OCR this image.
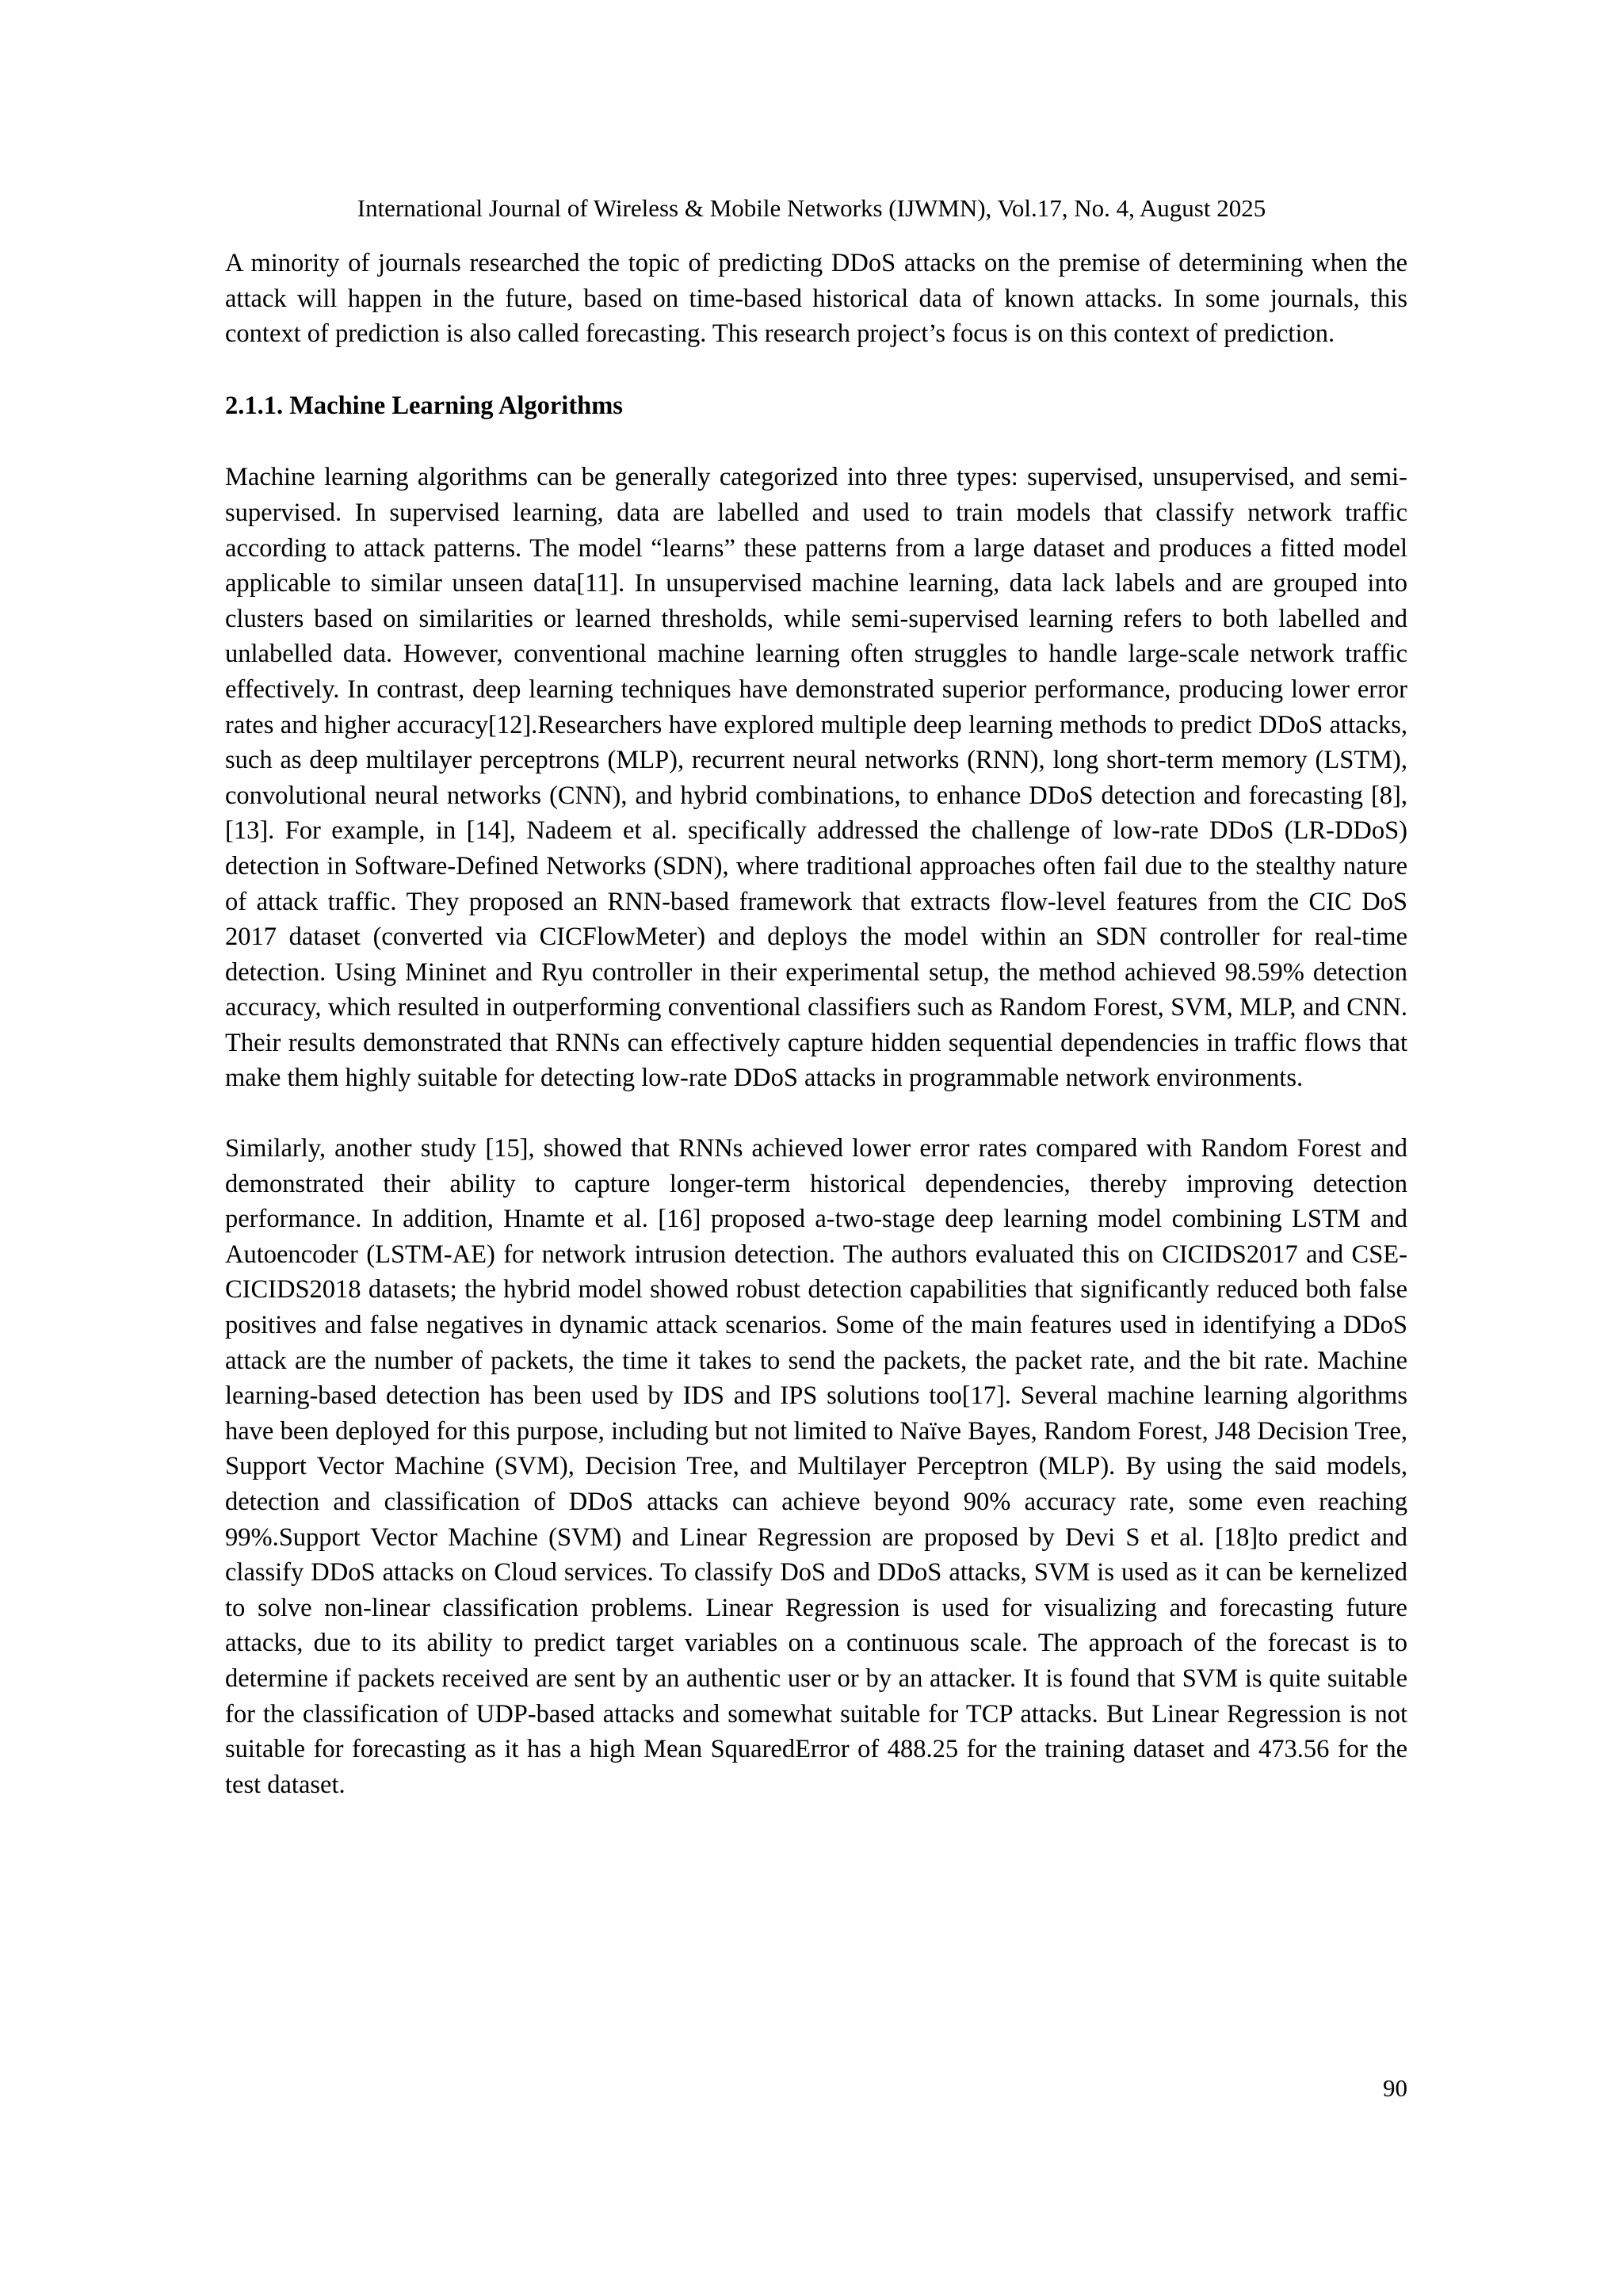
International Journal of Wireless & Mobile Networks (IJWMN), Vol.17, No. 4, August 2025

A minority of journals researched the topic of predicting DDoS attacks on the premise of determining when the attack will happen in the future, based on time-based historical data of known attacks. In some journals, this context of prediction is also called forecasting. This research project’s focus is on this context of prediction.

2.1.1. Machine Learning Algorithms

Machine learning algorithms can be generally categorized into three types: supervised, unsupervised, and semi-supervised. In supervised learning, data are labelled and used to train models that classify network traffic according to attack patterns. The model “learns” these patterns from a large dataset and produces a fitted model applicable to similar unseen data[11]. In unsupervised machine learning, data lack labels and are grouped into clusters based on similarities or learned thresholds, while semi-supervised learning refers to both labelled and unlabelled data. However, conventional machine learning often struggles to handle large-scale network traffic effectively. In contrast, deep learning techniques have demonstrated superior performance, producing lower error rates and higher accuracy[12].Researchers have explored multiple deep learning methods to predict DDoS attacks, such as deep multilayer perceptrons (MLP), recurrent neural networks (RNN), long short-term memory (LSTM), convolutional neural networks (CNN), and hybrid combinations, to enhance DDoS detection and forecasting [8], [13]. For example, in [14], Nadeem et al. specifically addressed the challenge of low-rate DDoS (LR-DDoS) detection in Software-Defined Networks (SDN), where traditional approaches often fail due to the stealthy nature of attack traffic. They proposed an RNN-based framework that extracts flow-level features from the CIC DoS 2017 dataset (converted via CICFlowMeter) and deploys the model within an SDN controller for real-time detection. Using Mininet and Ryu controller in their experimental setup, the method achieved 98.59% detection accuracy, which resulted in outperforming conventional classifiers such as Random Forest, SVM, MLP, and CNN. Their results demonstrated that RNNs can effectively capture hidden sequential dependencies in traffic flows that make them highly suitable for detecting low-rate DDoS attacks in programmable network environments.

Similarly, another study [15], showed that RNNs achieved lower error rates compared with Random Forest and demonstrated their ability to capture longer-term historical dependencies, thereby improving detection performance. In addition, Hnamte et al. [16] proposed a-two-stage deep learning model combining LSTM and Autoencoder (LSTM-AE) for network intrusion detection. The authors evaluated this on CICIDS2017 and CSE-CICIDS2018 datasets; the hybrid model showed robust detection capabilities that significantly reduced both false positives and false negatives in dynamic attack scenarios. Some of the main features used in identifying a DDoS attack are the number of packets, the time it takes to send the packets, the packet rate, and the bit rate. Machine learning-based detection has been used by IDS and IPS solutions too[17]. Several machine learning algorithms have been deployed for this purpose, including but not limited to Naïve Bayes, Random Forest, J48 Decision Tree, Support Vector Machine (SVM), Decision Tree, and Multilayer Perceptron (MLP). By using the said models, detection and classification of DDoS attacks can achieve beyond 90% accuracy rate, some even reaching 99%.Support Vector Machine (SVM) and Linear Regression are proposed by Devi S et al. [18]to predict and classify DDoS attacks on Cloud services. To classify DoS and DDoS attacks, SVM is used as it can be kernelized to solve non-linear classification problems. Linear Regression is used for visualizing and forecasting future attacks, due to its ability to predict target variables on a continuous scale. The approach of the forecast is to determine if packets received are sent by an authentic user or by an attacker. It is found that SVM is quite suitable for the classification of UDP-based attacks and somewhat suitable for TCP attacks. But Linear Regression is not suitable for forecasting as it has a high Mean SquaredError of 488.25 for the training dataset and 473.56 for the test dataset.

90
